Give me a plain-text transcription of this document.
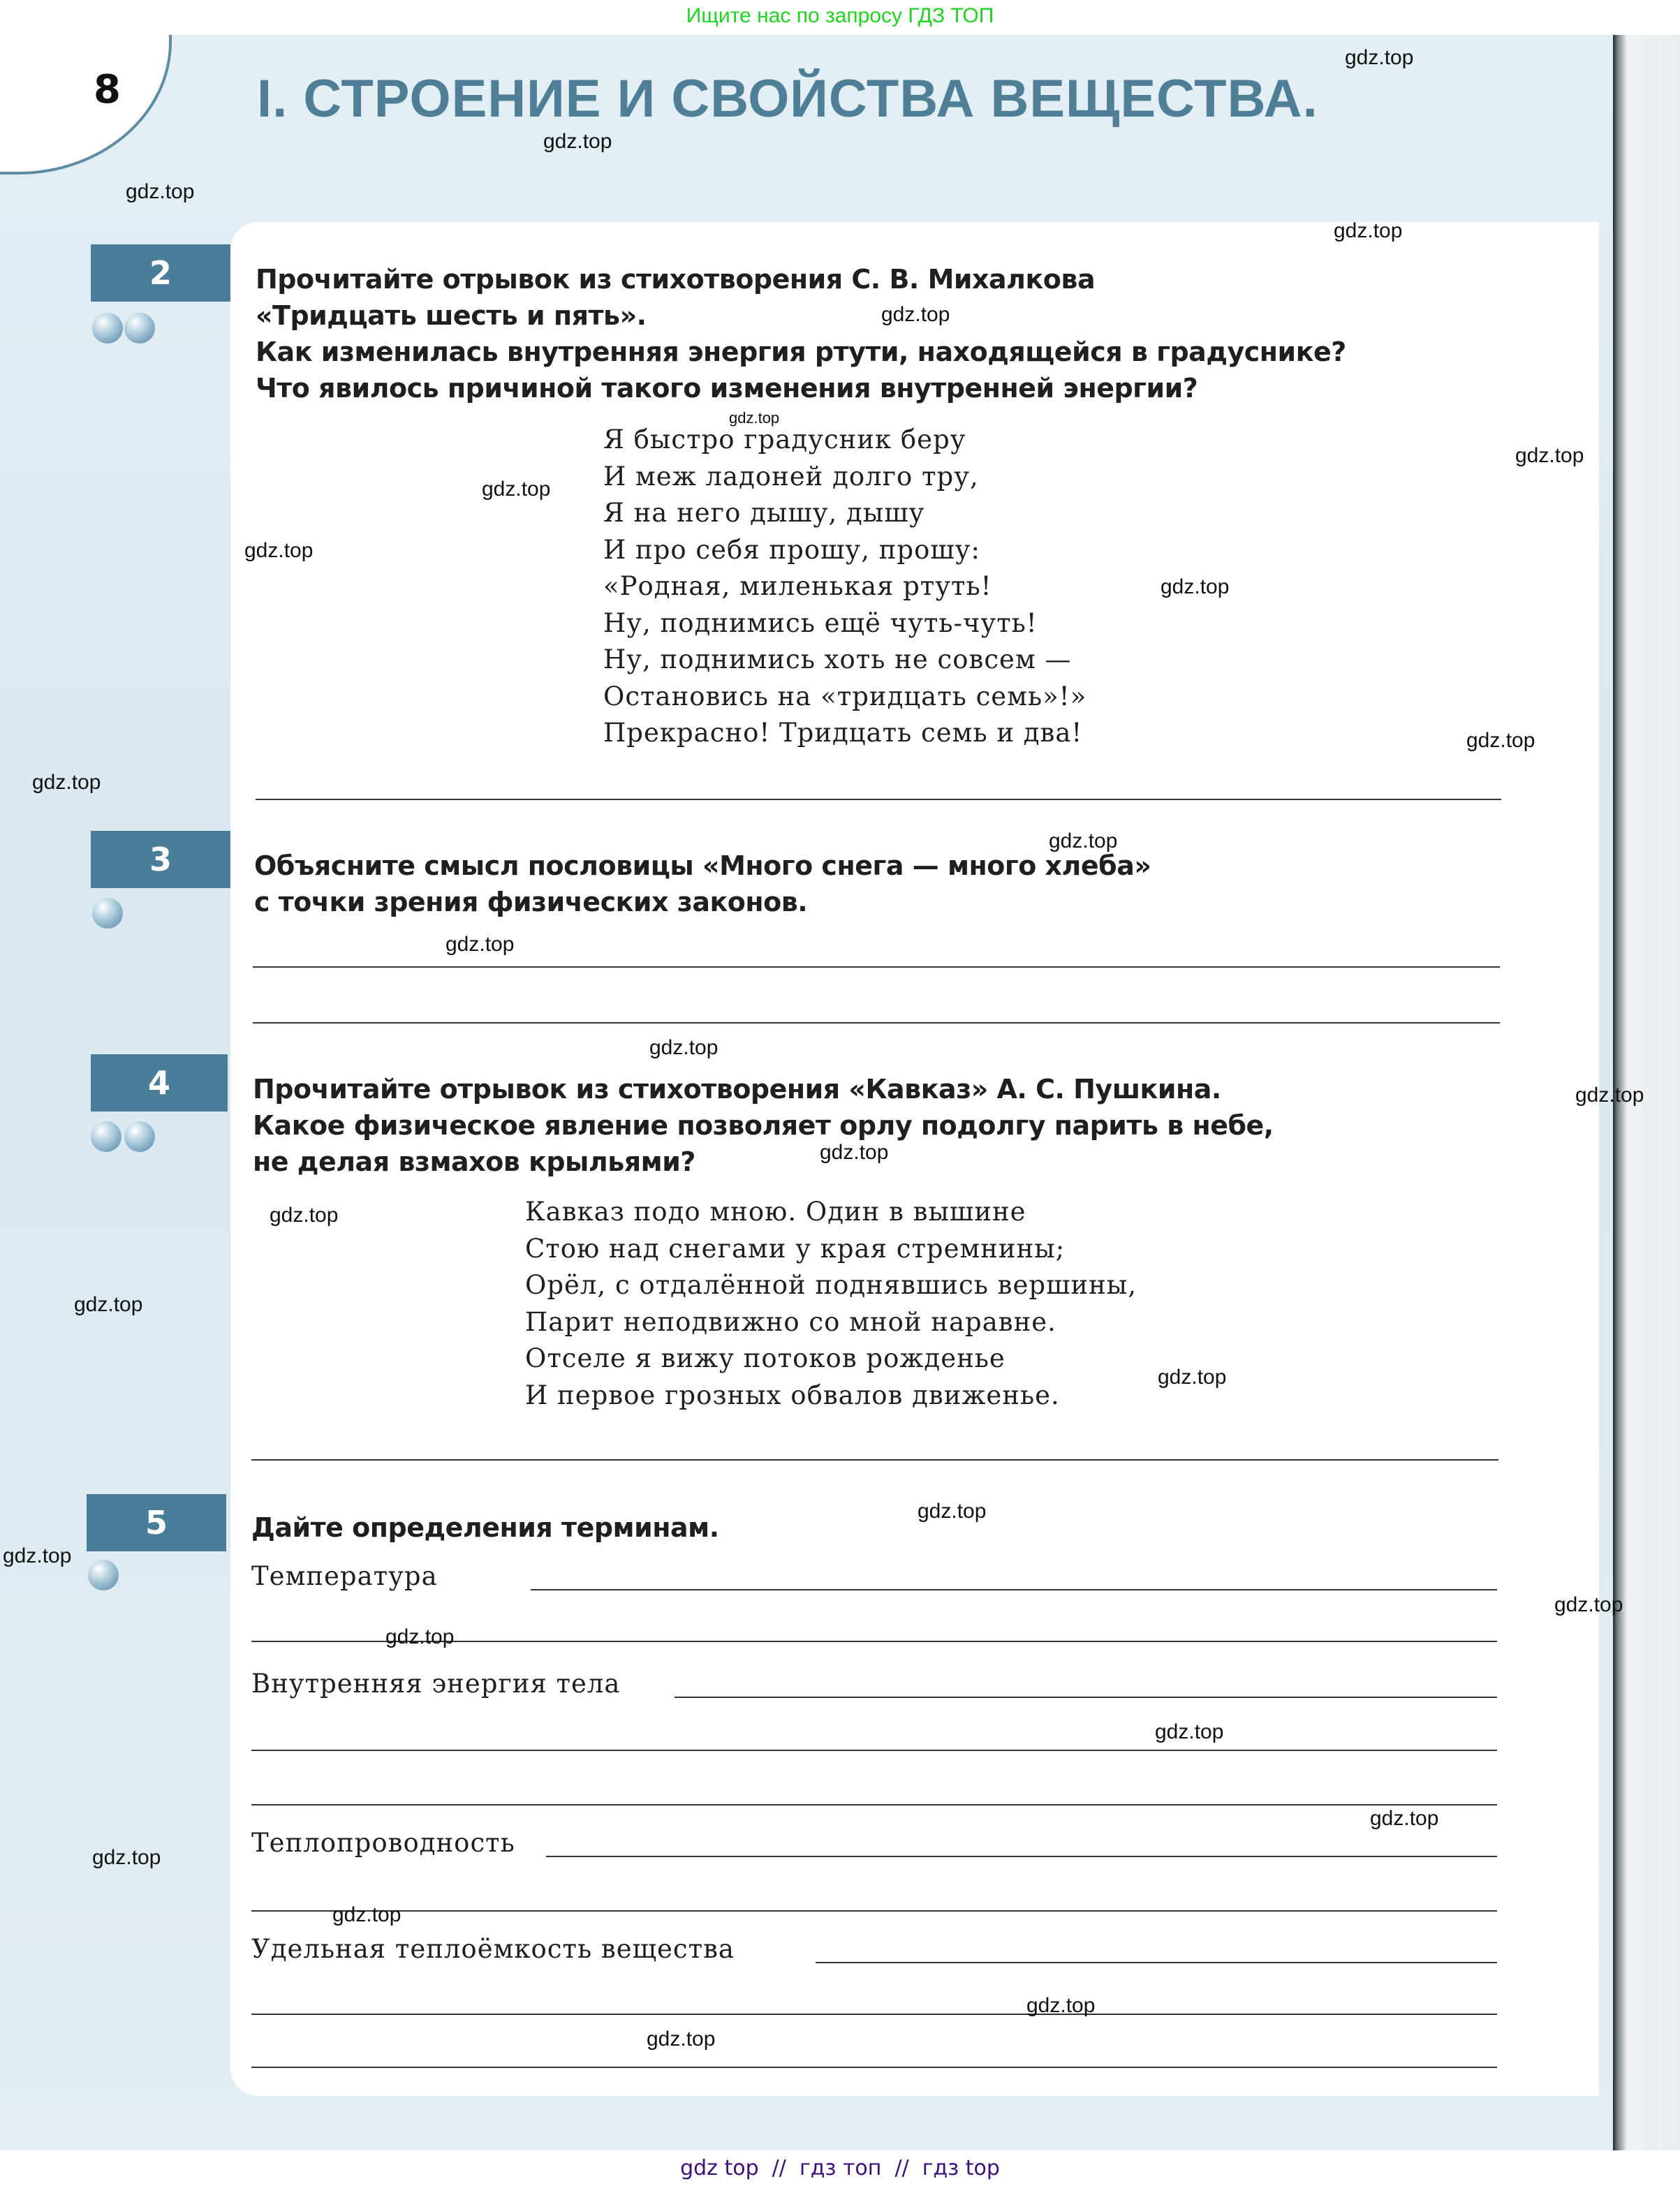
Ищите нас по запросу ГДЗ ТОП
8	I. СТРОЕНИЕ И СВОЙСТВА ВЕЩЕСТВА.
2	Прочитайте отрывок из стихотворения С. В. Михалкова
«Тридцать шесть и пять».
Как изменилась внутренняя энергия ртути, находящейся в градуснике?
Что явилось причиной такого изменения внутренней энергии?
Я быстро градусник беру
И меж ладоней долго тру,
Я на него дышу, дышу
И про себя прошу, прошу:
«Родная, миленькая ртуть!
Ну, поднимись ещё чуть-чуть!
Ну, поднимись хоть не совсем —
Остановись на «тридцать семь»!»
Прекрасно! Тридцать семь и два!
3	Объясните смысл пословицы «Много снега — много хлеба»
с точки зрения физических законов.
4	Прочитайте отрывок из стихотворения «Кавказ» А. С. Пушкина.
Какое физическое явление позволяет орлу подолгу парить в небе,
не делая взмахов крыльями?
Кавказ подо мною. Один в вышине
Стою над снегами у края стремнины;
Орёл, с отдалённой поднявшись вершины,
Парит неподвижно со мной наравне.
Отселе я вижу потоков рожденье
И первое грозных обвалов движенье.
5	Дайте определения терминам.
Температура
Внутренняя энергия тела
Теплопроводность
Удельная теплоёмкость вещества
gdz.top
gdz.top
gdz.top
gdz.top
gdz.top
gdz.top
gdz.top
gdz.top
gdz.top
gdz.top
gdz.top
gdz.top
gdz.top
gdz.top
gdz.top
gdz.top
gdz.top
gdz.top
gdz.top
gdz.top
gdz.top
gdz.top
gdz.top
gdz.top
gdz.top
gdz.top
gdz.top
gdz.top
gdz.top
gdz.top
gdz top  //  гдз топ  //  гдз top
